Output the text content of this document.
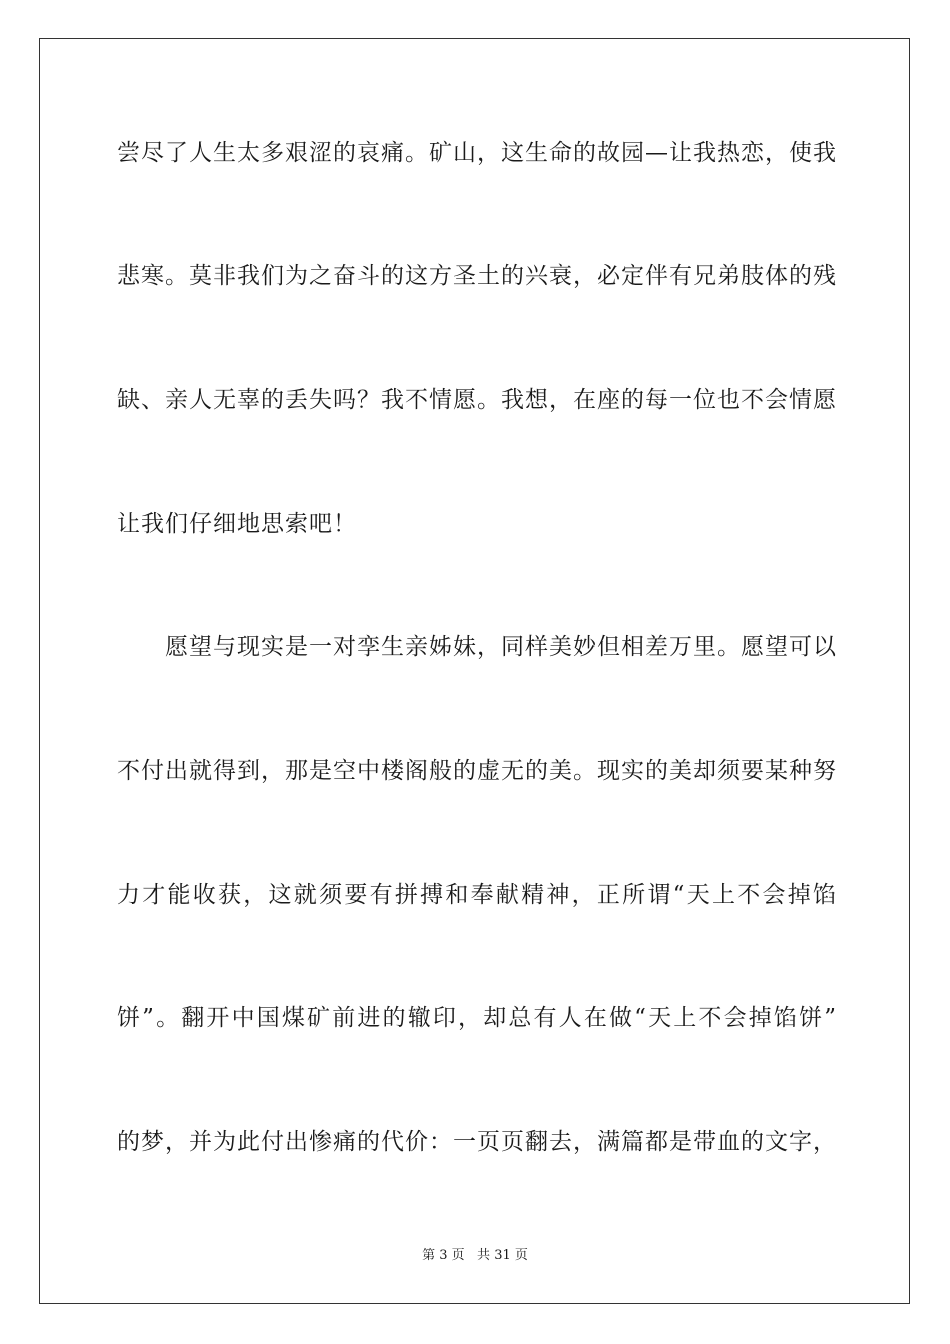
尝尽了人生太多艰涩的哀痛。矿山，这生命的故园—让我热恋，使我
悲寒。莫非我们为之奋斗的这方圣土的兴衰，必定伴有兄弟肢体的残
缺、亲人无辜的丢失吗？我不情愿。我想，在座的每一位也不会情愿
让我们仔细地思索吧！
愿望与现实是一对孪生亲姊妹，同样美妙但相差万里。愿望可以
不付出就得到，那是空中楼阁般的虚无的美。现实的美却须要某种努
力才能收获，这就须要有拼搏和奉献精神，正所谓“天上不会掉馅
饼”。翻开中国煤矿前进的辙印，却总有人在做“天上不会掉馅饼”
的梦，并为此付出惨痛的代价：一页页翻去，满篇都是带血的文字，
第 3 页   共 31 页
